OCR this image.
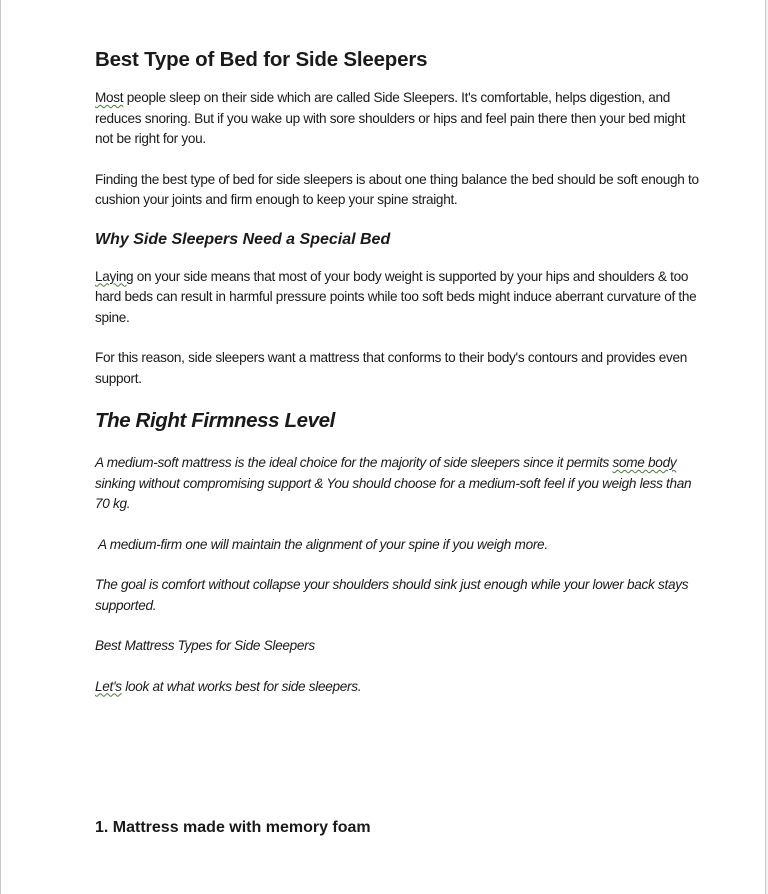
Best Type of Bed for Side Sleepers

Most people sleep on their side which are called Side Sleepers. It's comfortable, helps digestion, and reduces snoring. But if you wake up with sore shoulders or hips and feel pain there then your bed might not be right for you.

Finding the best type of bed for side sleepers is about one thing balance the bed should be soft enough to cushion your joints and firm enough to keep your spine straight.

Why Side Sleepers Need a Special Bed

Laying on your side means that most of your body weight is supported by your hips and shoulders & too hard beds can result in harmful pressure points while too soft beds might induce aberrant curvature of the spine.

For this reason, side sleepers want a mattress that conforms to their body's contours and provides even support.

The Right Firmness Level

A medium-soft mattress is the ideal choice for the majority of side sleepers since it permits some body sinking without compromising support & You should choose for a medium-soft feel if you weigh less than 70 kg.

A medium-firm one will maintain the alignment of your spine if you weigh more.

The goal is comfort without collapse your shoulders should sink just enough while your lower back stays supported.

Best Mattress Types for Side Sleepers

Let's look at what works best for side sleepers.

1. Mattress made with memory foam
